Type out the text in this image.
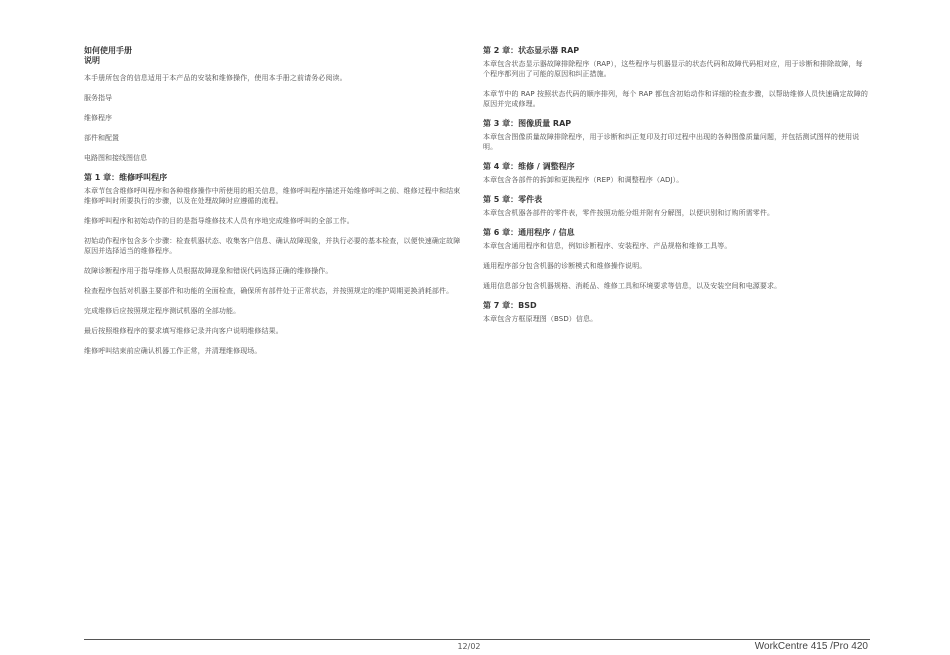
如何使用手册
说明

本手册所包含的信息适用于本产品的安装和维修操作，使用本手册之前请务必阅读。

服务指导
维修程序
部件和配置
电路图和接线图信息
第 1 章：维修呼叫程序

本章节包含维修呼叫程序和各种维修操作中所使用的相关信息，维修呼叫程序描述开始维修呼叫之前、维修过程中和结束维修呼叫时所要执行的步骤，以及在处理故障时应遵循的流程。

维修呼叫程序和初始动作的目的是指导维修技术人员有序地完成维修呼叫的全部工作。

初始动作程序包含多个步骤：检查机器状态、收集客户信息、确认故障现象，并执行必要的基本检查，以便快速确定故障原因并选择适当的维修程序。

故障诊断程序用于指导维修人员根据故障现象和错误代码选择正确的维修操作。

检查程序包括对机器主要部件和功能的全面检查，确保所有部件处于正常状态，并按照规定的维护周期更换消耗部件。

完成维修后应按照规定程序测试机器的全部功能。

最后按照维修程序的要求填写维修记录并向客户说明维修结果。

维修呼叫结束前应确认机器工作正常，并清理维修现场。

第 2 章：状态显示器 RAP

本章包含状态显示器故障排除程序（RAP），这些程序与机器显示的状态代码和故障代码相对应，用于诊断和排除故障，每个程序都列出了可能的原因和纠正措施。

本章节中的 RAP 按照状态代码的顺序排列，每个 RAP 都包含初始动作和详细的检查步骤，以帮助维修人员快速确定故障的原因并完成修理。

第 3 章：图像质量 RAP

本章包含图像质量故障排除程序，用于诊断和纠正复印及打印过程中出现的各种图像质量问题，并包括测试图样的使用说明。

第 4 章：维修 / 调整程序

本章包含各部件的拆卸和更换程序（REP）和调整程序（ADJ）。

第 5 章：零件表

本章包含机器各部件的零件表，零件按照功能分组并附有分解图，以便识别和订购所需零件。

第 6 章：通用程序 / 信息

本章包含通用程序和信息，例如诊断程序、安装程序、产品规格和维修工具等。

通用程序部分包含机器的诊断模式和维修操作说明。

通用信息部分包含机器规格、消耗品、维修工具和环境要求等信息，以及安装空间和电源要求。

第 7 章：BSD

本章包含方框原理图（BSD）信息。

12/02	WorkCentre 415 /Pro 420
